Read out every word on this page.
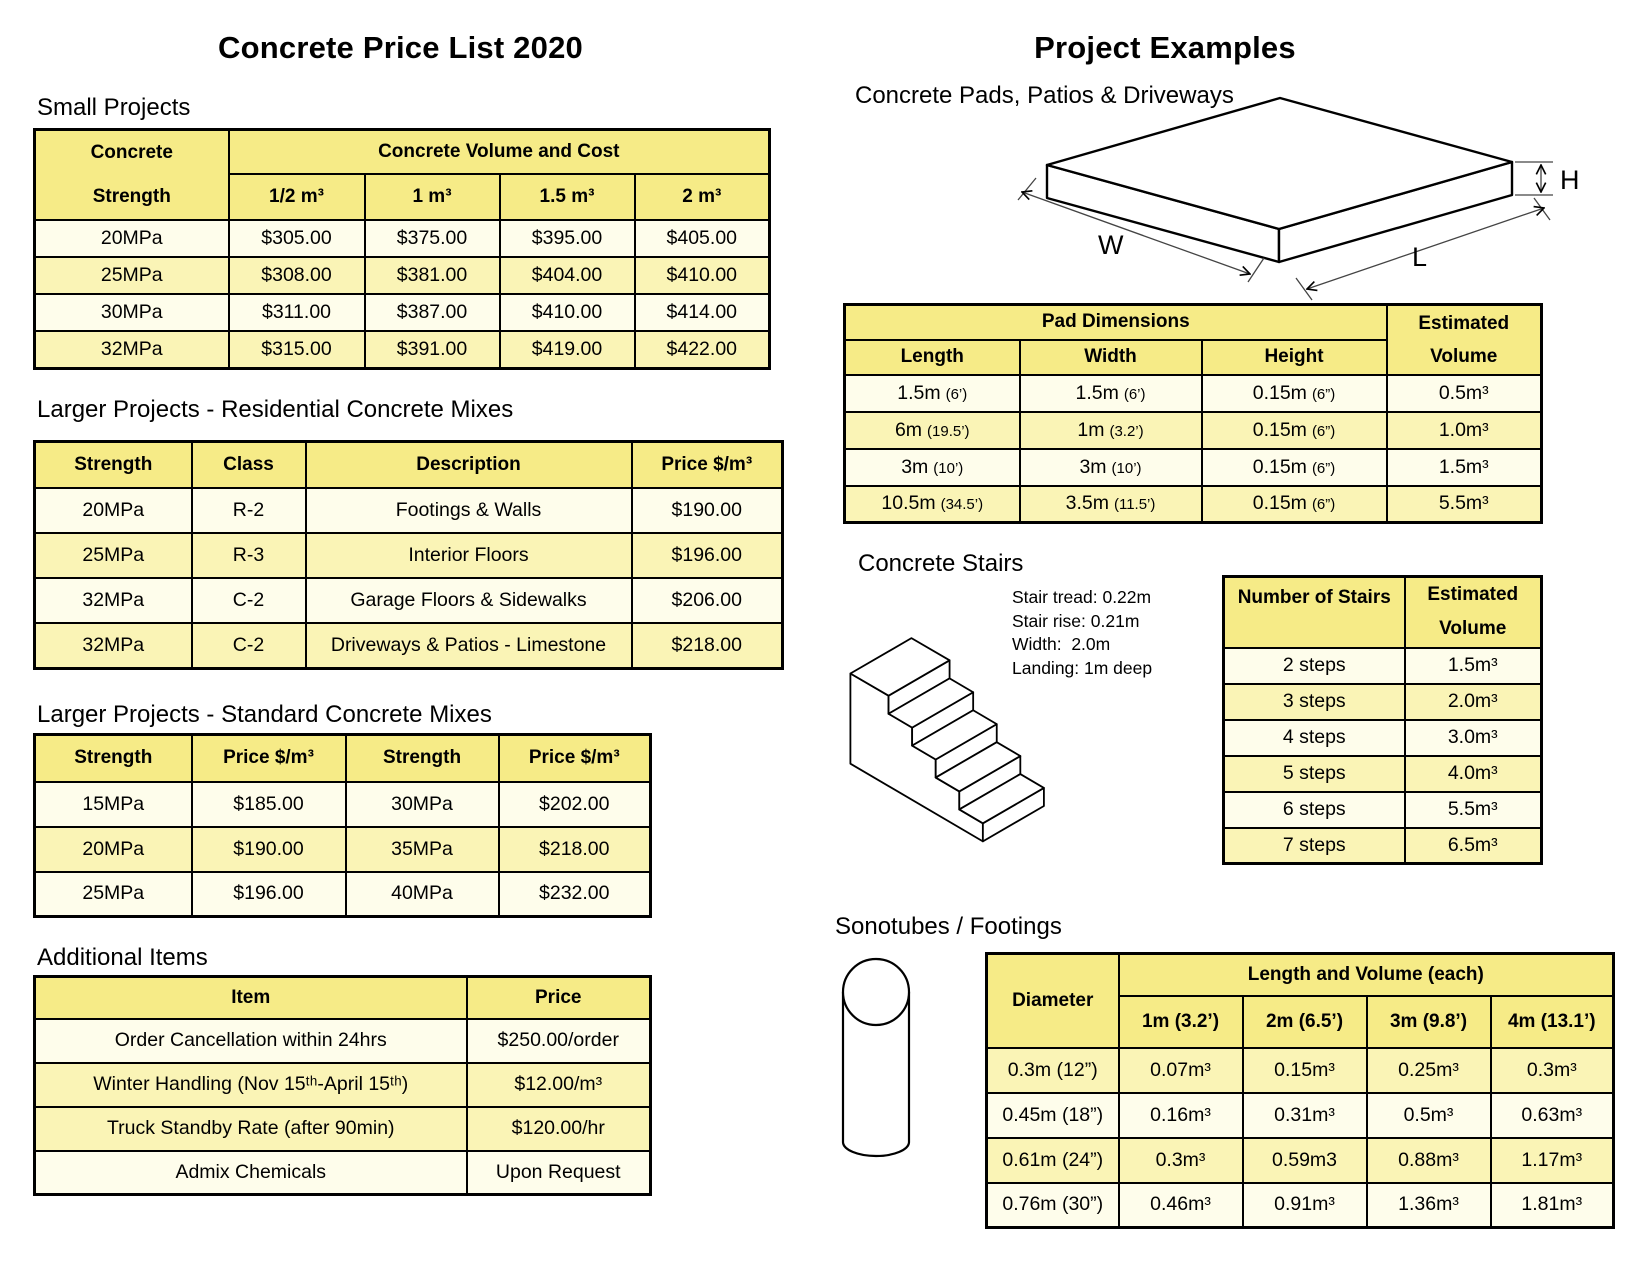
Concrete Price List 2020
Small Projects
Concrete
Strength	Concrete Volume and Cost			
	1/2 m³	1 m³	1.5 m³	2 m³
20MPa	$305.00	$375.00	$395.00	$405.00
25MPa	$308.00	$381.00	$404.00	$410.00
30MPa	$311.00	$387.00	$410.00	$414.00
32MPa	$315.00	$391.00	$419.00	$422.00
Larger Projects - Residential Concrete Mixes
Strength	Class	Description	Price $/m³
20MPa	R-2	Footings & Walls	$190.00
25MPa	R-3	Interior Floors	$196.00
32MPa	C-2	Garage Floors & Sidewalks	$206.00
32MPa	C-2	Driveways & Patios - Limestone	$218.00
Larger Projects - Standard Concrete Mixes
Strength	Price $/m³	Strength	Price $/m³
15MPa	$185.00	30MPa	$202.00
20MPa	$190.00	35MPa	$218.00
25MPa	$196.00	40MPa	$232.00
Additional Items
Item	Price
Order Cancellation within 24hrs	$250.00/order
Winter Handling (Nov 15ᵗʰ-April 15ᵗʰ)	$12.00/m³
Truck Standby Rate (after 90min)	$120.00/hr
Admix Chemicals	Upon Request
Project Examples
Concrete Pads, Patios & Driveways
W	L
H
Pad Dimensions			Estimated
Volume

Length	Width	Height	
1.5m (6’)	1.5m (6’)	0.15m (6”)	0.5m³
6m (19.5’)	1m (3.2’)	0.15m (6”)	1.0m³
3m (10’)	3m (10’)	0.15m (6”)	1.5m³
10.5m (34.5’)	3.5m (11.5’)	0.15m (6”)	5.5m³
Concrete Stairs
Stair tread: 0.22m
Stair rise: 0.21m
Width:  2.0m
Landing: 1m deep
Number of Stairs	Estimated
Volume

2 steps	1.5m³
3 steps	2.0m³
4 steps	3.0m³
5 steps	4.0m³
6 steps	5.5m³
7 steps	6.5m³
Sonotubes / Footings
Diameter	Length and Volume (each)			
	1m (3.2’)	2m (6.5’)	3m (9.8’)	4m (13.1’)
0.3m (12”)	0.07m³	0.15m³	0.25m³	0.3m³
0.45m (18”)	0.16m³	0.31m³	0.5m³	0.63m³
0.61m (24”)	0.3m³	0.59m3	0.88m³	1.17m³
0.76m (30”)	0.46m³	0.91m³	1.36m³	1.81m³
